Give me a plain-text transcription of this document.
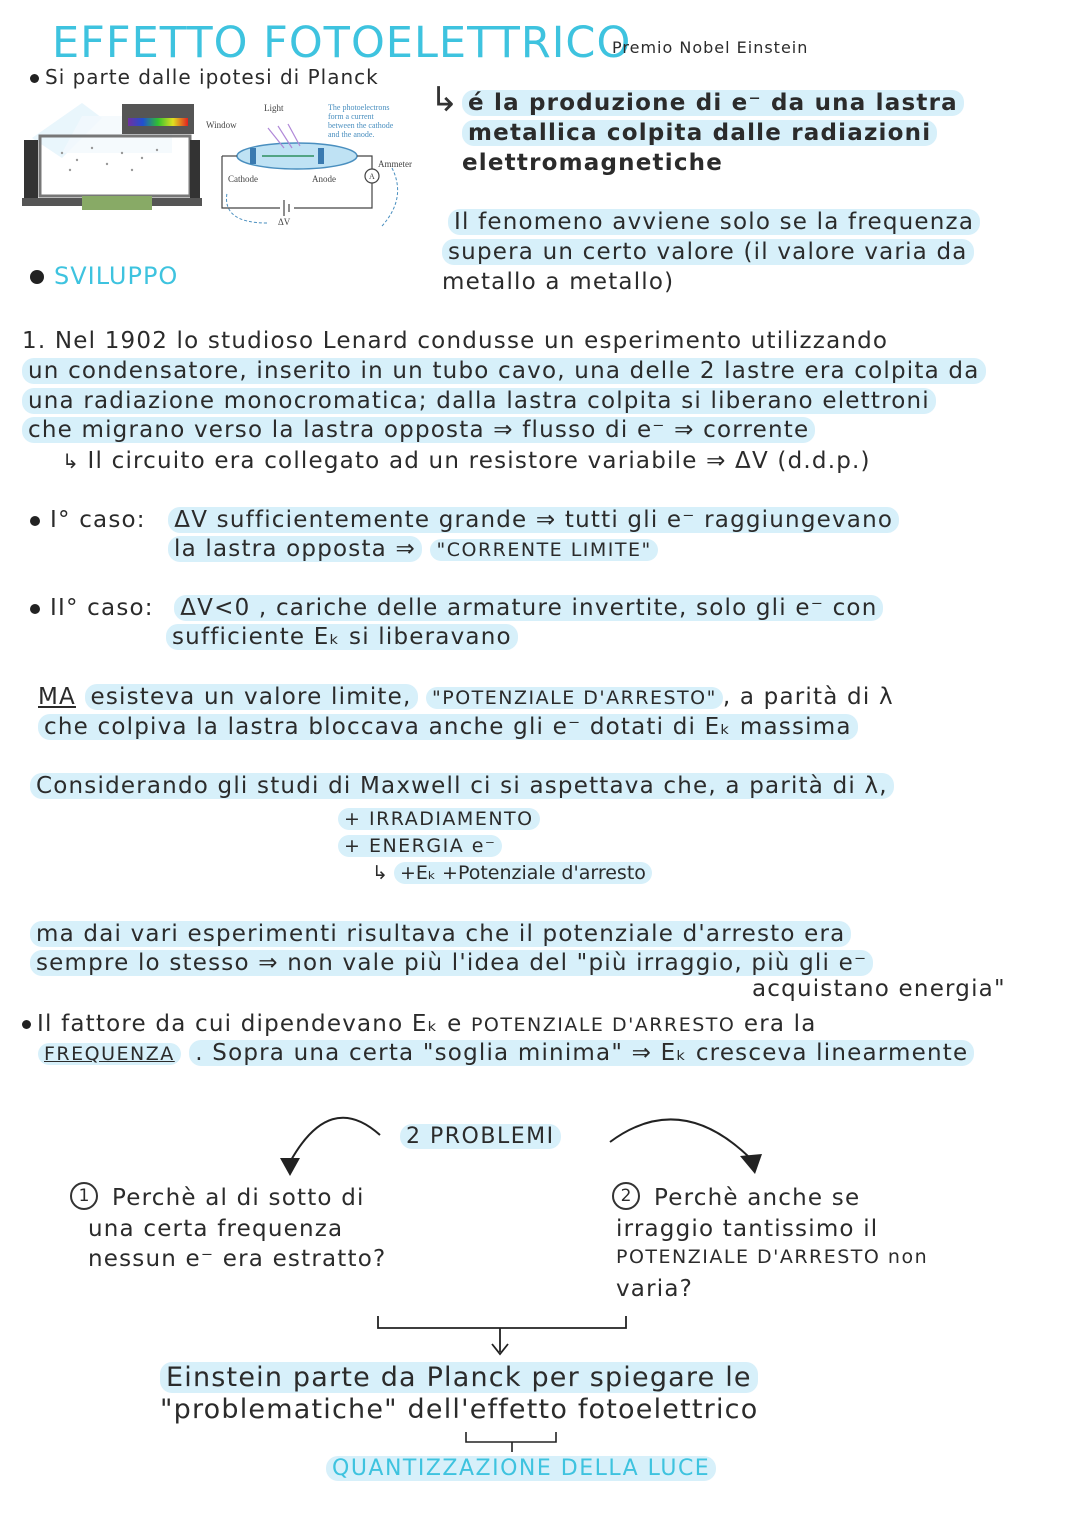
EFFETTO FOTOELETTRICO
Premio Nobel Einstein
Si parte dalle ipotesi di Planck
Light
Window
The photoelectrons
form a current
between the cathode
and the anode.
Ammeter
Cathode	Anode	A
ΔV
↳ é la produzione di e⁻ da una lastra
metallica colpita dalle radiazioni
elettromagnetiche
Il fenomeno avviene solo se la frequenza
supera un certo valore (il valore varia da
metallo a metallo)
SVILUPPO
1. Nel 1902 lo studioso Lenard condusse un esperimento utilizzando
un condensatore, inserito in un tubo cavo, una delle 2 lastre era colpita da
una radiazione monocromatica; dalla lastra colpita si liberano elettroni
che migrano verso la lastra opposta ⇒ flusso di e⁻ ⇒ corrente
↳ Il circuito era collegato ad un resistore variabile ⇒ ΔV (d.d.p.)
I° caso: ΔV sufficientemente grande ⇒ tutti gli e⁻ raggiungevano
la lastra opposta ⇒ "CORRENTE LIMITE"
II° caso: ΔV<0 , cariche delle armature invertite, solo gli e⁻ con
sufficiente Eₖ si liberavano
MA esisteva un valore limite, "POTENZIALE D'ARRESTO" , a parità di λ
che colpiva la lastra bloccava anche gli e⁻ dotati di Eₖ massima
Considerando gli studi di Maxwell ci si aspettava che, a parità di λ,
+ IRRADIAMENTO
+ ENERGIA e⁻
↳ +Eₖ +Potenziale d'arresto
ma dai vari esperimenti risultava che il potenziale d'arresto era
sempre lo stesso ⇒ non vale più l'idea del "più irraggio, più gli e⁻
acquistano energia"
Il fattore da cui dipendevano Eₖ e POTENZIALE D'ARRESTO era la
FREQUENZA . Sopra una certa "soglia minima" ⇒ Eₖ cresceva linearmente
2 PROBLEMI
1 Perchè al di sotto di
una certa frequenza
nessun e⁻ era estratto?
2 Perchè anche se
irraggio tantissimo il
POTENZIALE D'ARRESTO non
varia?
Einstein parte da Planck per spiegare le
"problematiche" dell'effetto fotoelettrico
QUANTIZZAZIONE DELLA LUCE
